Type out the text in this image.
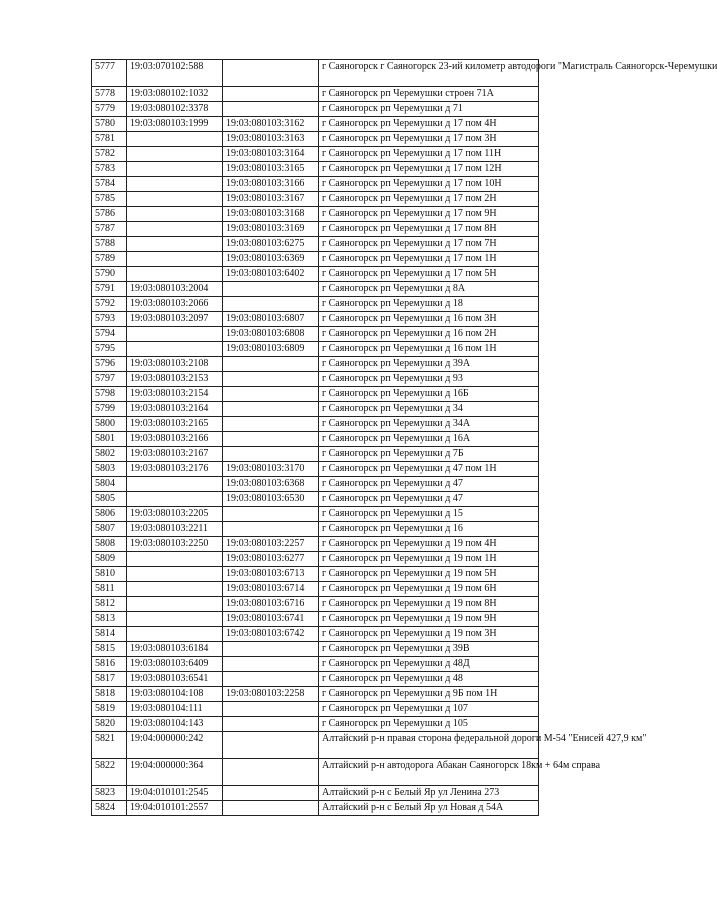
5777	19:03:070102:588		г Саяногорск г Саяногорск 23-ий километр автодороги "Магистраль Саяногорск-Черемушки
5778	19:03:080102:1032		г Саяногорск рп Черемушки строен 71А
5779	19:03:080102:3378		г Саяногорск рп Черемушки д 71
5780	19:03:080103:1999	19:03:080103:3162	г Саяногорск рп Черемушки д 17 пом 4Н
5781		19:03:080103:3163	г Саяногорск рп Черемушки д 17 пом 3Н
5782		19:03:080103:3164	г Саяногорск рп Черемушки д 17 пом 11Н
5783		19:03:080103:3165	г Саяногорск рп Черемушки д 17 пом 12Н
5784		19:03:080103:3166	г Саяногорск рп Черемушки д 17 пом 10Н
5785		19:03:080103:3167	г Саяногорск рп Черемушки д 17 пом 2Н
5786		19:03:080103:3168	г Саяногорск рп Черемушки д 17 пом 9Н
5787		19:03:080103:3169	г Саяногорск рп Черемушки д 17 пом 8Н
5788		19:03:080103:6275	г Саяногорск рп Черемушки д 17 пом 7Н
5789		19:03:080103:6369	г Саяногорск рп Черемушки д 17 пом 1Н
5790		19:03:080103:6402	г Саяногорск рп Черемушки д 17 пом 5Н
5791	19:03:080103:2004		г Саяногорск рп Черемушки д 8А
5792	19:03:080103:2066		г Саяногорск рп Черемушки д 18
5793	19:03:080103:2097	19:03:080103:6807	г Саяногорск рп Черемушки д 16 пом 3Н
5794		19:03:080103:6808	г Саяногорск рп Черемушки д 16 пом 2Н
5795		19:03:080103:6809	г Саяногорск рп Черемушки д 16 пом 1Н
5796	19:03:080103:2108		г Саяногорск рп Черемушки д 39А
5797	19:03:080103:2153		г Саяногорск рп Черемушки д 93
5798	19:03:080103:2154		г Саяногорск рп Черемушки д 16Б
5799	19:03:080103:2164		г Саяногорск рп Черемушки д 34
5800	19:03:080103:2165		г Саяногорск рп Черемушки д 34А
5801	19:03:080103:2166		г Саяногорск рп Черемушки д 16А
5802	19:03:080103:2167		г Саяногорск рп Черемушки д 7Б
5803	19:03:080103:2176	19:03:080103:3170	г Саяногорск рп Черемушки д 47 пом 1Н
5804		19:03:080103:6368	г Саяногорск рп Черемушки д 47
5805		19:03:080103:6530	г Саяногорск рп Черемушки д 47
5806	19:03:080103:2205		г Саяногорск рп Черемушки д 15
5807	19:03:080103:2211		г Саяногорск рп Черемушки д 16
5808	19:03:080103:2250	19:03:080103:2257	г Саяногорск рп Черемушки д 19 пом 4Н
5809		19:03:080103:6277	г Саяногорск рп Черемушки д 19 пом 1Н
5810		19:03:080103:6713	г Саяногорск рп Черемушки д 19 пом 5Н
5811		19:03:080103:6714	г Саяногорск рп Черемушки д 19 пом 6Н
5812		19:03:080103:6716	г Саяногорск рп Черемушки д 19 пом 8Н
5813		19:03:080103:6741	г Саяногорск рп Черемушки д 19 пом 9Н
5814		19:03:080103:6742	г Саяногорск рп Черемушки д 19 пом 3Н
5815	19:03:080103:6184		г Саяногорск рп Черемушки д 39В
5816	19:03:080103:6409		г Саяногорск рп Черемушки д 48Д
5817	19:03:080103:6541		г Саяногорск рп Черемушки д 48
5818	19:03:080104:108	19:03:080103:2258	г Саяногорск рп Черемушки д 9Б пом 1Н
5819	19:03:080104:111		г Саяногорск рп Черемушки д 107
5820	19:03:080104:143		г Саяногорск рп Черемушки д 105
5821	19:04:000000:242		Алтайский р-н правая сторона федеральной дороги М-54 "Енисей 427,9 км"
5822	19:04:000000:364		Алтайский р-н автодорога Абакан Саяногорск 18км + 64м справа
5823	19:04:010101:2545		Алтайский р-н с Белый Яр ул Ленина 273
5824	19:04:010101:2557		Алтайский р-н с Белый Яр ул Новая д 54А
